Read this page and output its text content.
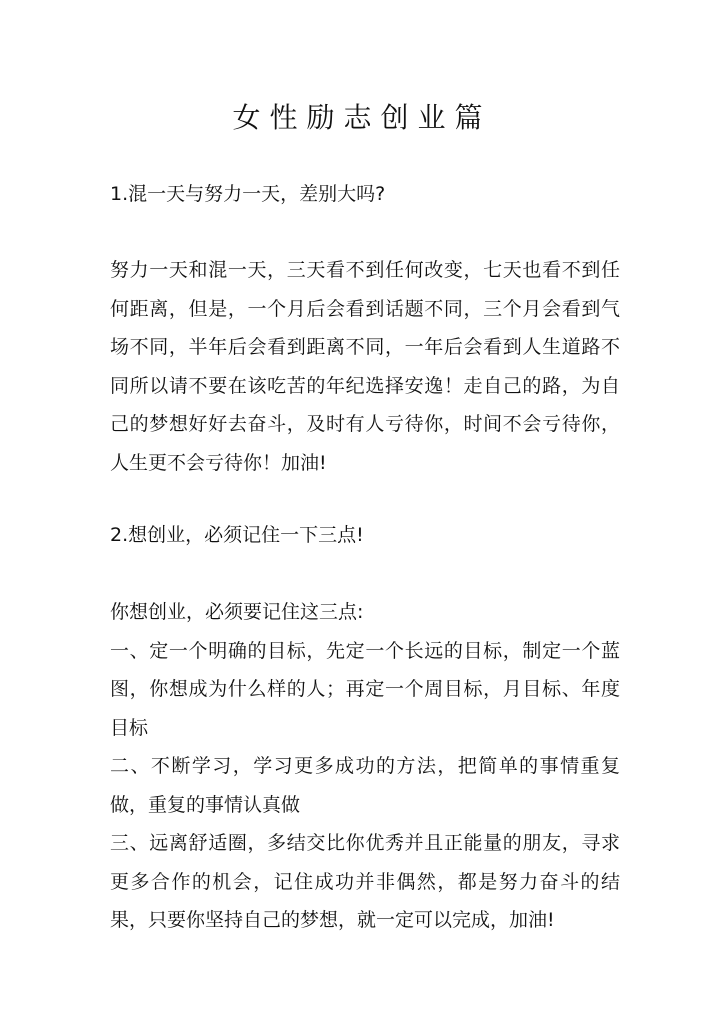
女性励志创业篇
1.混一天与努力一天，差别大吗?

努力一天和混一天，三天看不到任何改变，七天也看不到任何距离，但是，一个月后会看到话题不同，三个月会看到气场不同，半年后会看到距离不同，一年后会看到人生道路不同所以请不要在该吃苦的年纪选择安逸！走自己的路，为自己的梦想好好去奋斗，及时有人亏待你，时间不会亏待你，人生更不会亏待你！加油!

2.想创业，必须记住一下三点!

你想创业，必须要记住这三点:

一、定一个明确的目标，先定一个长远的目标，制定一个蓝图，你想成为什么样的人；再定一个周目标，月目标、年度目标

二、不断学习，学习更多成功的方法，把简单的事情重复做，重复的事情认真做

三、远离舒适圈，多结交比你优秀并且正能量的朋友，寻求更多合作的机会，记住成功并非偶然，都是努力奋斗的结果，只要你坚持自己的梦想，就一定可以完成，加油!
